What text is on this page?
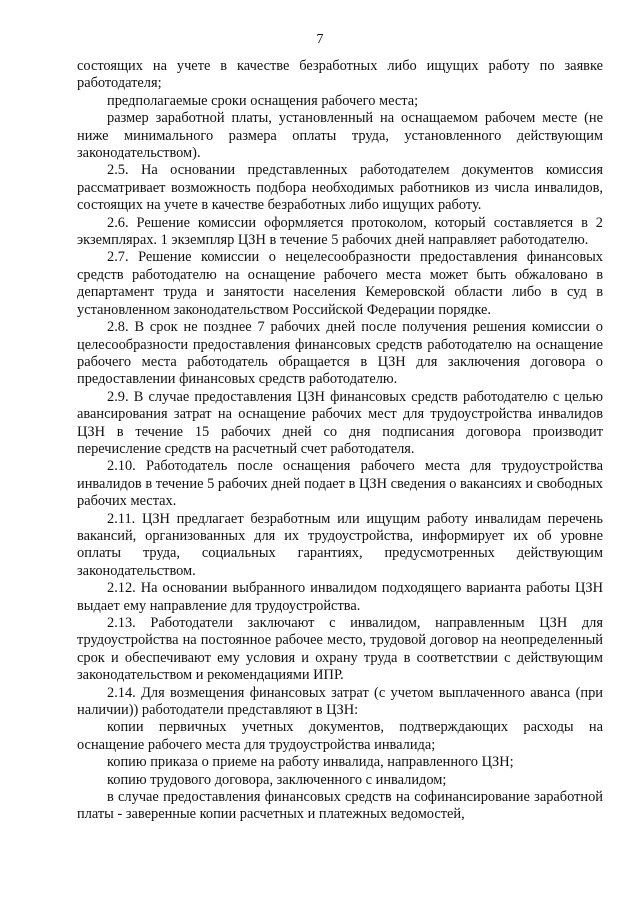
7

состоящих на учете в качестве безработных либо ищущих работу по заявке работодателя;

предполагаемые сроки оснащения рабочего места;

размер заработной платы, установленный на оснащаемом рабочем месте (не ниже минимального размера оплаты труда, установленного действующим законодательством).

2.5. На основании представленных работодателем документов комиссия рассматривает возможность подбора необходимых работников из числа инвалидов, состоящих на учете в качестве безработных либо ищущих работу.

2.6. Решение комиссии оформляется протоколом, который составляется в 2 экземплярах. 1 экземпляр ЦЗН в течение 5 рабочих дней направляет работодателю.

2.7. Решение комиссии о нецелесообразности предоставления финансовых средств работодателю на оснащение рабочего места может быть обжаловано в департамент труда и занятости населения Кемеровской области либо в суд в установленном законодательством Российской Федерации порядке.

2.8. В срок не позднее 7 рабочих дней после получения решения комиссии о целесообразности предоставления финансовых средств работодателю на оснащение рабочего места работодатель обращается в ЦЗН для заключения договора о предоставлении финансовых средств работодателю.

2.9. В случае предоставления ЦЗН финансовых средств работодателю с целью авансирования затрат на оснащение рабочих мест для трудоустройства инвалидов ЦЗН в течение 15 рабочих дней со дня подписания договора производит перечисление средств на расчетный счет работодателя.

2.10. Работодатель после оснащения рабочего места для трудоустройства инвалидов в течение 5 рабочих дней подает в ЦЗН сведения о вакансиях и свободных рабочих местах.

2.11. ЦЗН предлагает безработным или ищущим работу инвалидам перечень вакансий, организованных для их трудоустройства, информирует их об уровне оплаты труда, социальных гарантиях, предусмотренных действующим законодательством.

2.12. На основании выбранного инвалидом подходящего варианта работы ЦЗН выдает ему направление для трудоустройства.

2.13. Работодатели заключают с инвалидом, направленным ЦЗН для трудоустройства на постоянное рабочее место, трудовой договор на неопределенный срок и обеспечивают ему условия и охрану труда в соответствии с действующим законодательством и рекомендациями ИПР.

2.14. Для возмещения финансовых затрат (с учетом выплаченного аванса (при наличии)) работодатели представляют в ЦЗН:

копии первичных учетных документов, подтверждающих расходы на оснащение рабочего места для трудоустройства инвалида;

копию приказа о приеме на работу инвалида, направленного ЦЗН;

копию трудового договора, заключенного с инвалидом;

в случае предоставления финансовых средств на софинансирование заработной платы - заверенные копии расчетных и платежных ведомостей,
